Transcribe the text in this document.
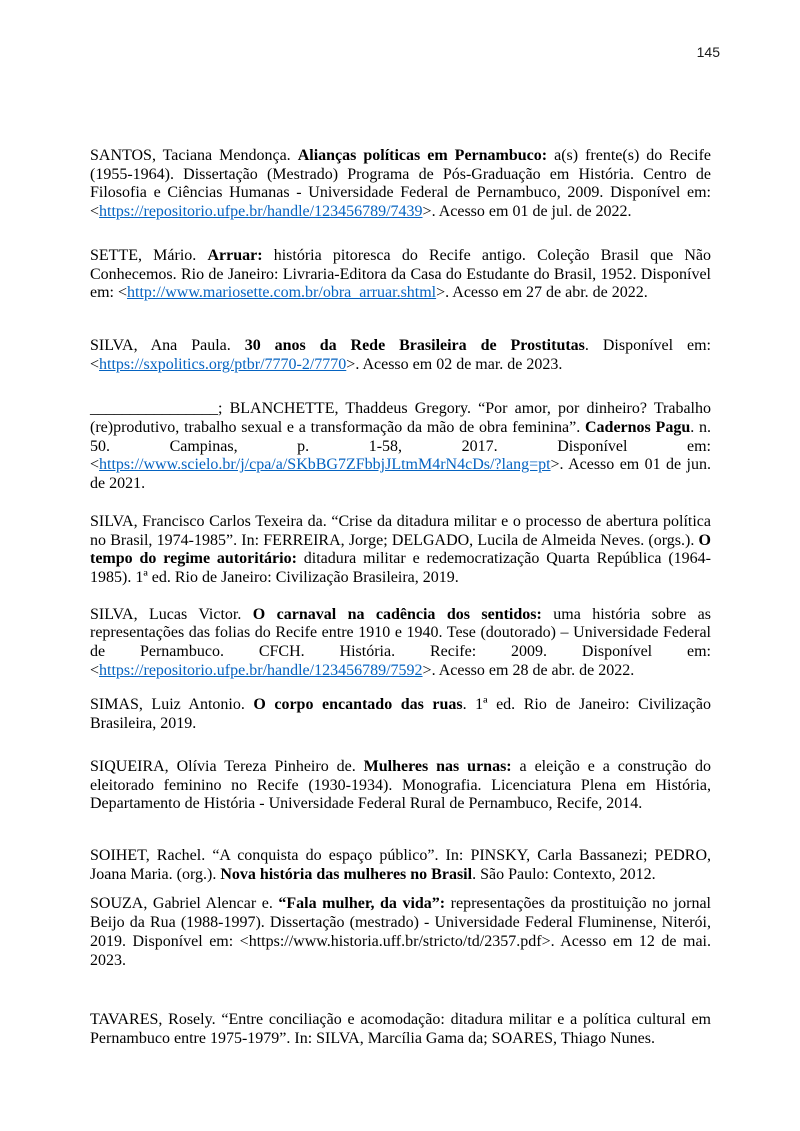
145

SANTOS, Taciana Mendonça. Alianças políticas em Pernambuco: a(s) frente(s) do Recife (1955-1964). Dissertação (Mestrado) Programa de Pós-Graduação em História. Centro de Filosofia e Ciências Humanas - Universidade Federal de Pernambuco, 2009. Disponível em: <https://repositorio.ufpe.br/handle/123456789/7439>. Acesso em 01 de jul. de 2022.

SETTE, Mário. Arruar: história pitoresca do Recife antigo. Coleção Brasil que Não Conhecemos. Rio de Janeiro: Livraria-Editora da Casa do Estudante do Brasil, 1952. Disponível em: <http://www.mariosette.com.br/obra_arruar.shtml>. Acesso em 27 de abr. de 2022.

SILVA, Ana Paula. 30 anos da Rede Brasileira de Prostitutas. Disponível em: <https://sxpolitics.org/ptbr/7770-2/7770>. Acesso em 02 de mar. de 2023.

________________; BLANCHETTE, Thaddeus Gregory. “Por amor, por dinheiro? Trabalho (re)produtivo, trabalho sexual e a transformação da mão de obra feminina”. Cadernos Pagu. n. 50. Campinas, p. 1-58, 2017. Disponível em: <https://www.scielo.br/j/cpa/a/SKbBG7ZFbbjJLtmM4rN4cDs/?lang=pt>. Acesso em 01 de jun. de 2021.

SILVA, Francisco Carlos Texeira da. “Crise da ditadura militar e o processo de abertura política no Brasil, 1974-1985”. In: FERREIRA, Jorge; DELGADO, Lucila de Almeida Neves. (orgs.). O tempo do regime autoritário: ditadura militar e redemocratização Quarta República (1964-1985). 1ª ed. Rio de Janeiro: Civilização Brasileira, 2019.

SILVA, Lucas Victor. O carnaval na cadência dos sentidos: uma história sobre as representações das folias do Recife entre 1910 e 1940. Tese (doutorado) – Universidade Federal de Pernambuco. CFCH. História. Recife: 2009. Disponível em: <https://repositorio.ufpe.br/handle/123456789/7592>. Acesso em 28 de abr. de 2022.

SIMAS, Luiz Antonio. O corpo encantado das ruas. 1ª ed. Rio de Janeiro: Civilização Brasileira, 2019.

SIQUEIRA, Olívia Tereza Pinheiro de. Mulheres nas urnas: a eleição e a construção do eleitorado feminino no Recife (1930-1934). Monografia. Licenciatura Plena em História, Departamento de História - Universidade Federal Rural de Pernambuco, Recife, 2014.

SOIHET, Rachel. “A conquista do espaço público”. In: PINSKY, Carla Bassanezi; PEDRO, Joana Maria. (org.). Nova história das mulheres no Brasil. São Paulo: Contexto, 2012.

SOUZA, Gabriel Alencar e. “Fala mulher, da vida”: representações da prostituição no jornal Beijo da Rua (1988-1997). Dissertação (mestrado) - Universidade Federal Fluminense, Niterói, 2019. Disponível em: <https://www.historia.uff.br/stricto/td/2357.pdf>. Acesso em 12 de mai. 2023.

TAVARES, Rosely. “Entre conciliação e acomodação: ditadura militar e a política cultural em Pernambuco entre 1975-1979”. In: SILVA, Marcília Gama da; SOARES, Thiago Nunes.
